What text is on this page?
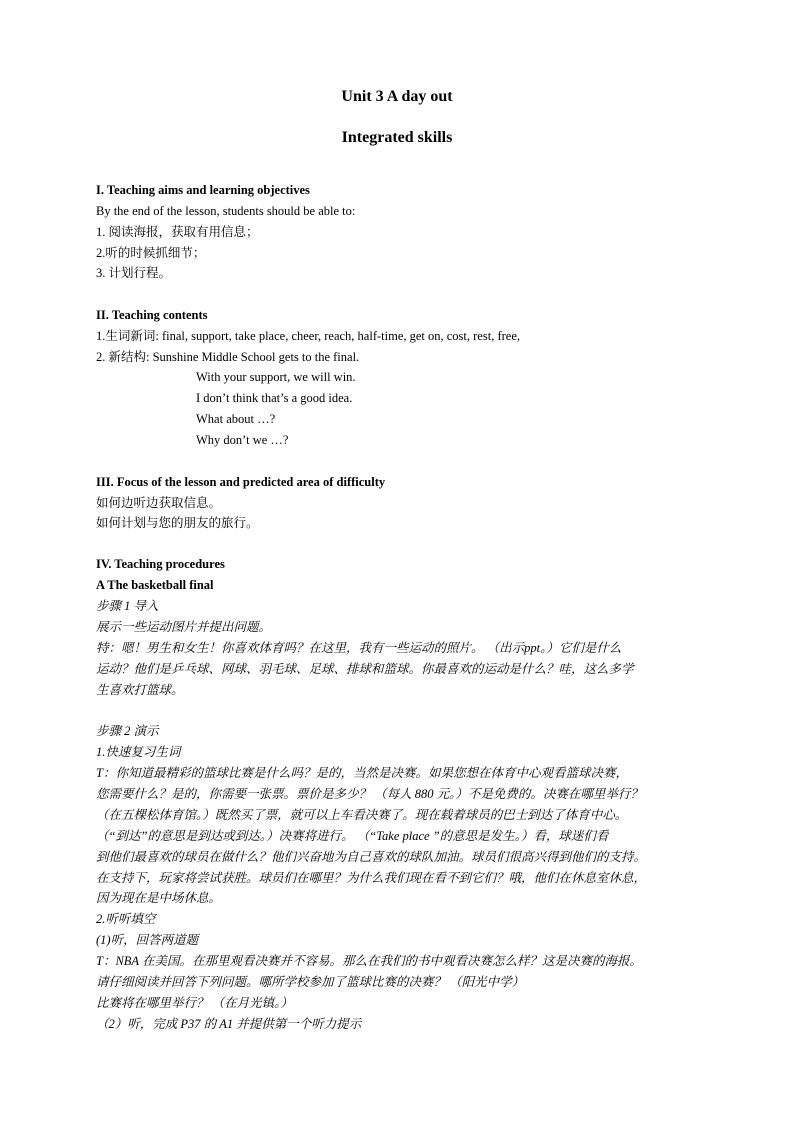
Unit 3 A day out
Integrated skills
I. Teaching aims and learning objectives
By the end of the lesson, students should be able to:
1. 阅读海报，获取有用信息；
2.听的时候抓细节；
3. 计划行程。
II. Teaching contents
1.生词新词: final, support, take place, cheer, reach, half-time, get on, cost, rest, free,
2. 新结构: Sunshine Middle School gets to the final.
With your support, we will win.
I don’t think that’s a good idea.
What about …?
Why don’t we …?
III. Focus of the lesson and predicted area of difficulty
如何边听边获取信息。
如何计划与您的朋友的旅行。
IV. Teaching procedures
A The basketball final
步骤 1 导入
展示一些运动图片并提出问题。
特：嗯！男生和女生！你喜欢体育吗？在这里，我有一些运动的照片。 （出示ppt。）它们是什么
运动？他们是乒乓球、网球、羽毛球、足球、排球和篮球。你最喜欢的运动是什么？哇，这么多学
生喜欢打篮球。
步骤 2 演示
1.快速复习生词
T：你知道最精彩的篮球比赛是什么吗？是的，当然是决赛。如果您想在体育中心观看篮球决赛，
您需要什么？是的，你需要一张票。票价是多少？ （每人 880 元。）不是免费的。决赛在哪里举行？
（在五棵松体育馆。）既然买了票，就可以上车看决赛了。现在载着球员的巴士到达了体育中心。
（“到达”的意思是到达或到达。）决赛将进行。 （“Take place ”的意思是发生。）看，球迷们看
到他们最喜欢的球员在做什么？他们兴奋地为自己喜欢的球队加油。球员们很高兴得到他们的支持。
在支持下，玩家将尝试获胜。球员们在哪里？为什么我们现在看不到它们？哦，他们在休息室休息，
因为现在是中场休息。
2.听听填空
(1)听，回答两道题
T：NBA 在美国。在那里观看决赛并不容易。那么在我们的书中观看决赛怎么样？这是决赛的海报。
请仔细阅读并回答下列问题。哪所学校参加了篮球比赛的决赛？ （阳光中学）
比赛将在哪里举行？ （在月光镇。）
（2）听，完成 P37 的 A1 并提供第一个听力提示
